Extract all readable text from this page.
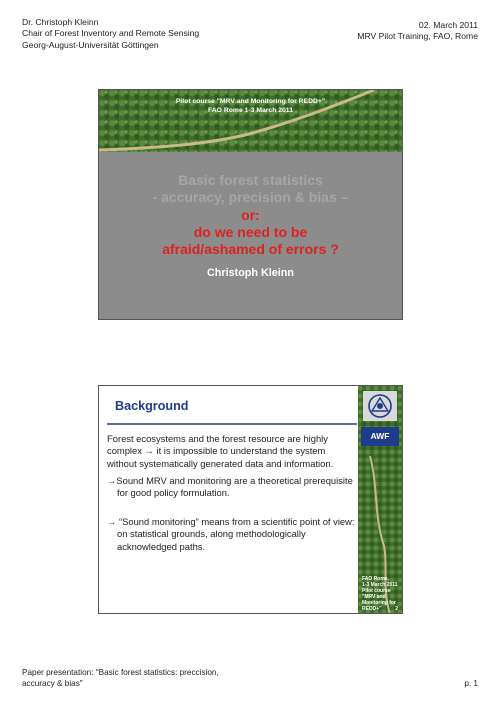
Dr. Christoph Kleinn
Chair of Forest Inventory and Remote Sensing
Georg-August-Universität Göttingen
02. March 2011
MRV Pilot Training, FAO, Rome
Pilot course "MRV and Monitoring for REDD+"
FAO Rome 1-3 March 2011
Basic forest statistics
- accuracy, precision & bias –
or:
do we need to be
afraid/ashamed of errors ?
Christoph Kleinn
Background
Forest ecosystems and the forest resource are highly complex → it is impossible to understand the system without systematically generated data and information.
→Sound MRV and monitoring are a theoretical prerequisite for good policy formulation.
→ “Sound monitoring” means from a scientific point of view: on statistical grounds, along methodologically acknowledged paths.
AWF
FAO Rome,
1-3 March 2011
Pilot course
"MRV and
Monitoring for
REDD+"	2
Paper presentation: "Basic forest statistics: preccision,
accuracy & bias"	p. 1
